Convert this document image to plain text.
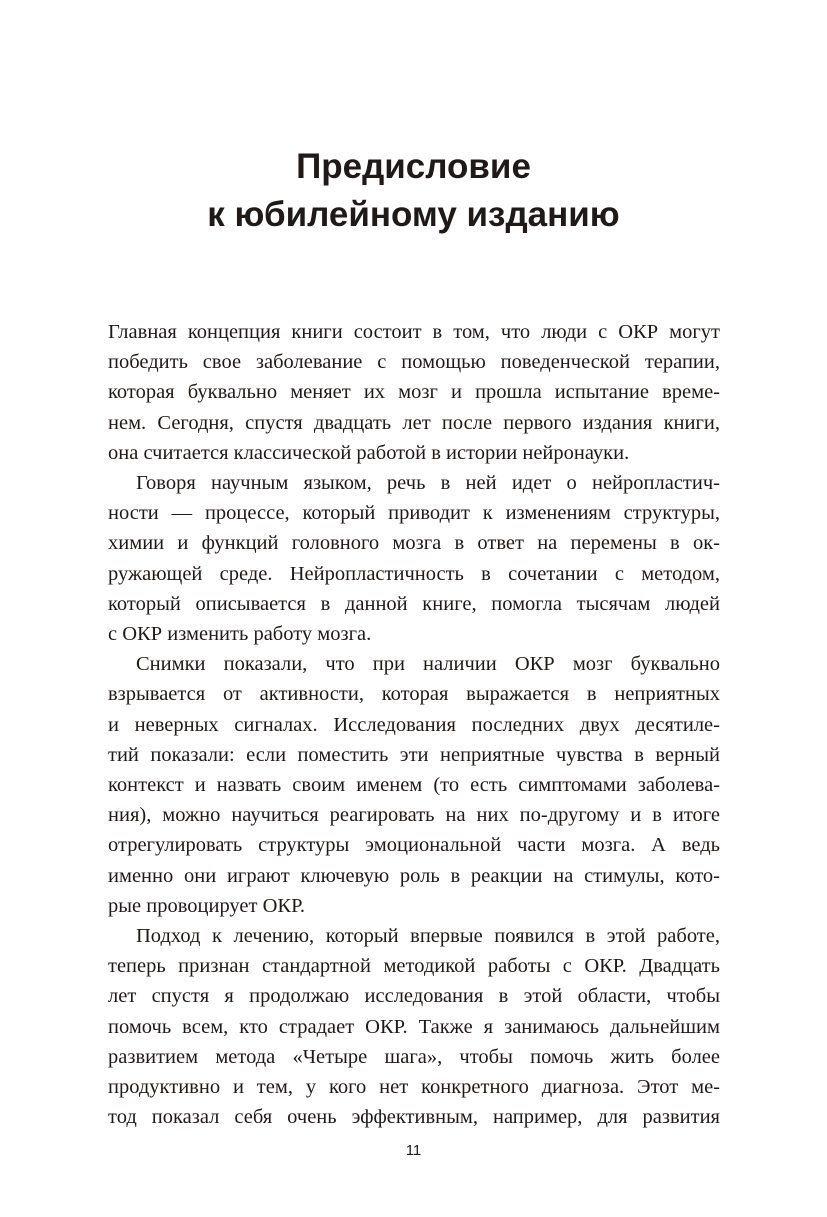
Предисловие
к юбилейному изданию

Главная концепция книги состоит в том, что люди с ОКР могут
победить свое заболевание с помощью поведенческой терапии,
которая буквально меняет их мозг и прошла испытание време-
нем. Сегодня, спустя двадцать лет после первого издания книги,
она считается классической работой в истории нейронауки.

Говоря научным языком, речь в ней идет о нейропластич-
ности — процессе, который приводит к изменениям структуры,
химии и функций головного мозга в ответ на перемены в ок-
ружающей среде. Нейропластичность в сочетании с методом,
который описывается в данной книге, помогла тысячам людей
с ОКР изменить работу мозга.

Снимки показали, что при наличии ОКР мозг буквально
взрывается от активности, которая выражается в неприятных
и неверных сигналах. Исследования последних двух десятиле-
тий показали: если поместить эти неприятные чувства в верный
контекст и назвать своим именем (то есть симптомами заболева-
ния), можно научиться реагировать на них по-другому и в итоге
отрегулировать структуры эмоциональной части мозга. А ведь
именно они играют ключевую роль в реакции на стимулы, кото-
рые провоцирует ОКР.

Подход к лечению, который впервые появился в этой работе,
теперь признан стандартной методикой работы с ОКР. Двадцать
лет спустя я продолжаю исследования в этой области, чтобы
помочь всем, кто страдает ОКР. Также я занимаюсь дальнейшим
развитием метода «Четыре шага», чтобы помочь жить более
продуктивно и тем, у кого нет конкретного диагноза. Этот ме-
тод показал себя очень эффективным, например, для развития

11
